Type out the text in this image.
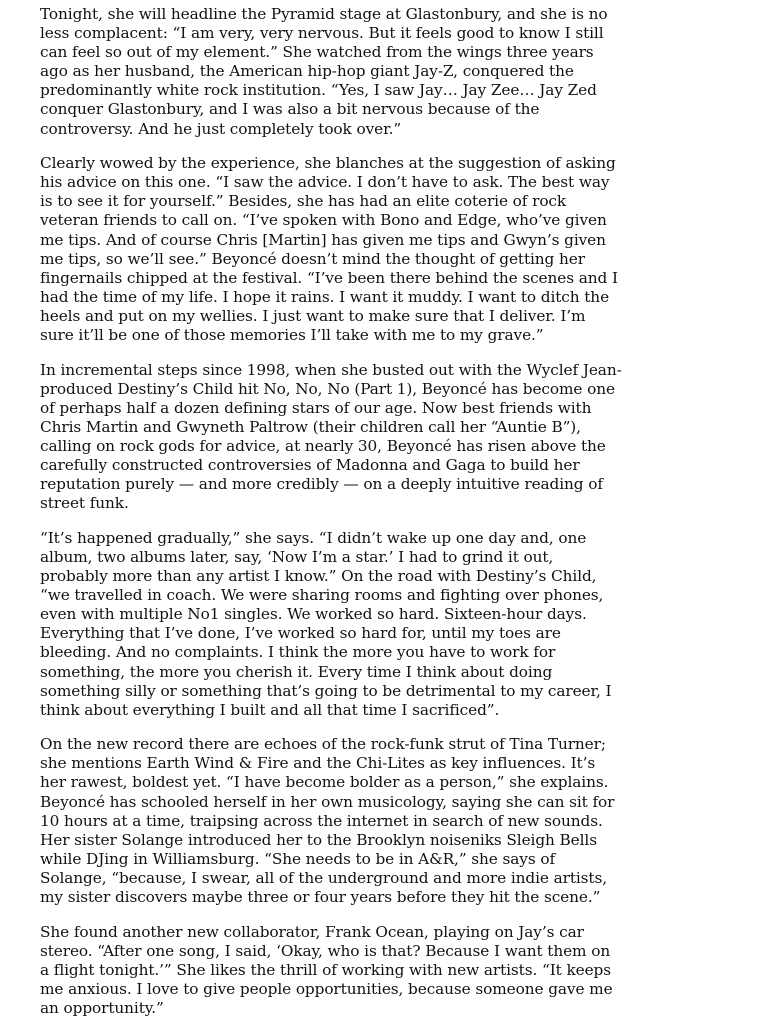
Tonight, she will headline the Pyramid stage at Glastonbury, and she is no less complacent: “I am very, very nervous. But it feels good to know I still can feel so out of my element.” She watched from the wings three years ago as her husband, the American hip-hop giant Jay-Z, conquered the predominantly white rock institution. “Yes, I saw Jay… Jay Zee… Jay Zed conquer Glastonbury, and I was also a bit nervous because of the controversy. And he just completely took over.”

Clearly wowed by the experience, she blanches at the suggestion of asking his advice on this one. “I saw the advice. I don’t have to ask. The best way is to see it for yourself.” Besides, she has had an elite coterie of rock veteran friends to call on. “I’ve spoken with Bono and Edge, who’ve given me tips. And of course Chris [Martin] has given me tips and Gwyn’s given me tips, so we’ll see.” Beyoncé doesn’t mind the thought of getting her fingernails chipped at the festival. “I’ve been there behind the scenes and I had the time of my life. I hope it rains. I want it muddy. I want to ditch the heels and put on my wellies. I just want to make sure that I deliver. I’m sure it’ll be one of those memories I’ll take with me to my grave.”

In incremental steps since 1998, when she busted out with the Wyclef Jean-produced Destiny’s Child hit No, No, No (Part 1), Beyoncé has become one of perhaps half a dozen defining stars of our age. Now best friends with Chris Martin and Gwyneth Paltrow (their children call her “Auntie B”), calling on rock gods for advice, at nearly 30, Beyoncé has risen above the carefully constructed controversies of Madonna and Gaga to build her reputation purely — and more credibly — on a deeply intuitive reading of street funk.

“It’s happened gradually,” she says. “I didn’t wake up one day and, one album, two albums later, say, ‘Now I’m a star.’ I had to grind it out, probably more than any artist I know.” On the road with Destiny’s Child, “we travelled in coach. We were sharing rooms and fighting over phones, even with multiple No1 singles. We worked so hard. Sixteen-hour days. Everything that I’ve done, I’ve worked so hard for, until my toes are bleeding. And no complaints. I think the more you have to work for something, the more you cherish it. Every time I think about doing something silly or something that’s going to be detrimental to my career, I think about everything I built and all that time I sacrificed”.

On the new record there are echoes of the rock-funk strut of Tina Turner; she mentions Earth Wind & Fire and the Chi-Lites as key influences. It’s her rawest, boldest yet. “I have become bolder as a person,” she explains. Beyoncé has schooled herself in her own musicology, saying she can sit for 10 hours at a time, traipsing across the internet in search of new sounds. Her sister Solange introduced her to the Brooklyn noiseniks Sleigh Bells while DJing in Williamsburg. “She needs to be in A&R,” she says of Solange, “because, I swear, all of the underground and more indie artists, my sister discovers maybe three or four years before they hit the scene.”

She found another new collaborator, Frank Ocean, playing on Jay’s car stereo. “After one song, I said, ‘Okay, who is that? Because I want them on a flight tonight.’” She likes the thrill of working with new artists. “It keeps me anxious. I love to give people opportunities, because someone gave me an opportunity.”
